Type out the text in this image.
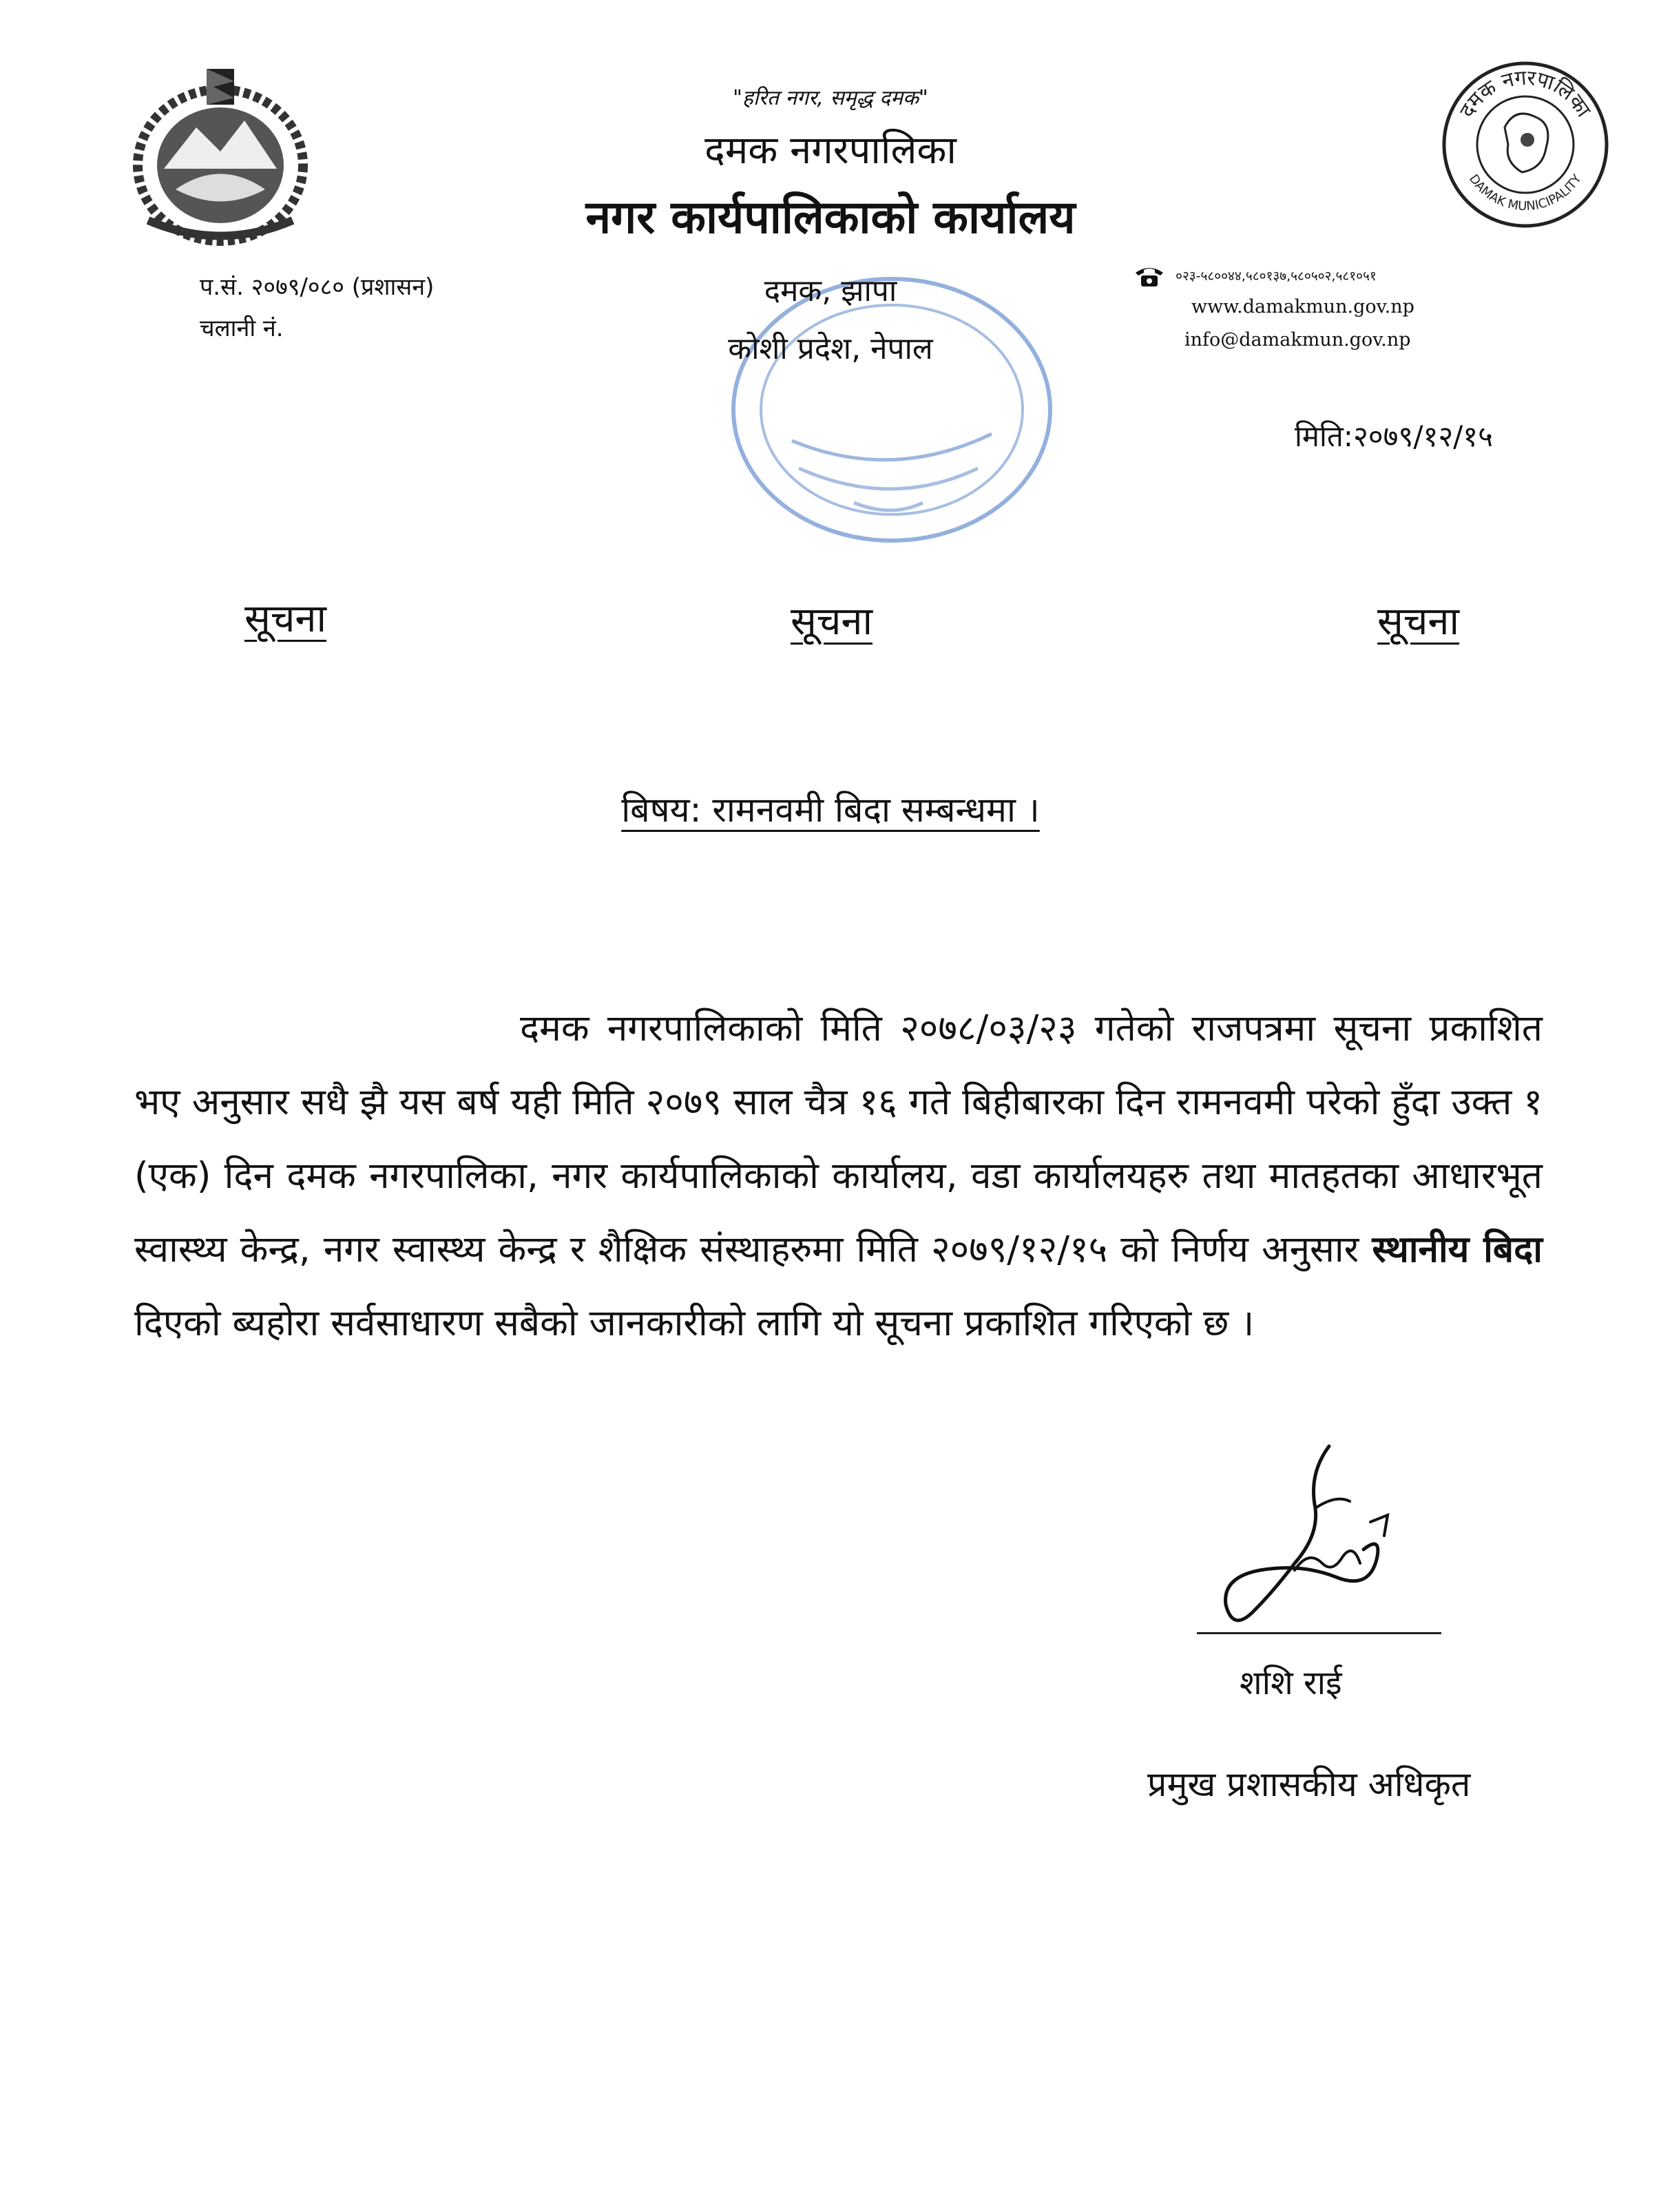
दमक नगरपालिका
DAMAK MUNICIPALITY
"हरित नगर, समृद्ध दमक"
दमक नगरपालिका
नगर कार्यपालिकाको कार्यालय
प.सं. २०७९/०८० (प्रशासन)
चलानी नं.
दमक, झापा
कोशी प्रदेश, नेपाल
०२३-५८००४४,५८०१३७,५८०५०२,५८१०५१
www.damakmun.gov.np
info@damakmun.gov.np
मिति:२०७९/१२/१५
सूचना	सूचना	सूचना
बिषय: रामनवमी बिदा सम्बन्धमा ।
दमक नगरपालिकाको मिति २०७८/०३/२३ गतेको राजपत्रमा सूचना प्रकाशित भए अनुसार सधै झै यस बर्ष यही मिति २०७९ साल चैत्र १६ गते बिहीबारका दिन रामनवमी परेको हुँदा उक्त १ (एक) दिन दमक नगरपालिका, नगर कार्यपालिकाको कार्यालय, वडा कार्यालयहरु तथा मातहतका आधारभूत स्वास्थ्य केन्द्र, नगर स्वास्थ्य केन्द्र र शैक्षिक संस्थाहरुमा मिति २०७९/१२/१५ को निर्णय अनुसार स्थानीय बिदा दिएको ब्यहोरा सर्वसाधारण सबैको जानकारीको लागि यो सूचना प्रकाशित गरिएको छ ।
शशि राई
प्रमुख प्रशासकीय अधिकृत
